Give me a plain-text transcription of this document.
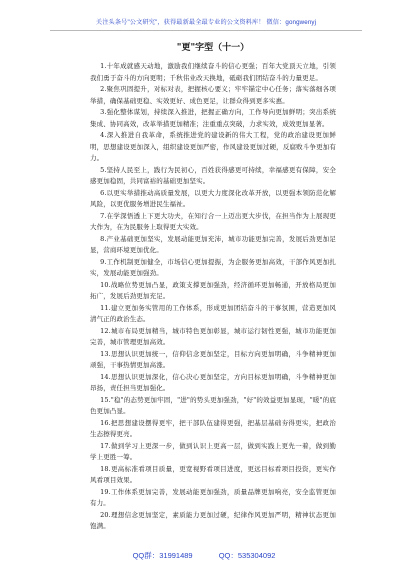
关注头条号"公文研究"，获得最新最全最专业的公文资料库！ 微信：gongwenyj
"更"字型（十一）

1.十年成就感天动地，激励我们继续奋斗的信心更强；百年大党顶天立地，引领我们勇于奋斗的方向更明；千秋伟业改天换地，砥砺我们团结奋斗的力量更足。

2.聚焦巩固提升，对标对表，把握核心要义；牢牢锚定中心任务；落实落细各项举措，确保基础更稳、实效更好、成色更足，让群众得到更多实惠。

3.强化整体谋划，持续深入推进，把握正确方向，工作导向更加鲜明；突出系统集成、协同高效，改革举措更加精准；注重重点突破，力求实效，成效更加显著。

4.深入推进自我革命，系统推进党的建设新的伟大工程，党的政治建设更加鲜明，思想建设更加深入，组织建设更加严密，作风建设更加过硬，反腐败斗争更加有力。

5.坚持人民至上，践行为民初心，百姓获得感更可持续，幸福感更有保障，安全感更加稳固，共同富裕的基础更加坚实。

6.以更实举措推动高质量发展，以更大力度深化改革开放，以更强本领防范化解风险，以更优服务增进民生福祉。

7.在学深悟透上下更大功夫，在知行合一上迈出更大步伐，在担当作为上展现更大作为，在为民服务上取得更大实效。

8.产业基础更加坚实，发展动能更加充沛，城市功能更加完善，发展后劲更加足显，营商环境更加优化。

9.工作机制更加健全，市场信心更加提振，为企服务更加高效，干部作风更加扎实，发展动能更加强劲。

10.战略位势更加凸显，政策支撑更加强劲，经济循环更加畅通，开放格局更加拓广，发展后劲更加充足。

11.建立更加务实管用的工作体系，形成更加团结奋斗的干事氛围，营造更加风清气正的政治生态。

12.城市布局更加精当，城市特色更加彰显，城市运行韧性更强，城市功能更加完善，城市管理更加高效。

13.思想认识更加统一，信仰信念更加坚定，目标方向更加明确，斗争精神更加顽强，干事热情更加高涨。

14.思想认识更加深化，信心决心更加坚定，方向目标更加明确，斗争精神更加昂扬，责任担当更加强化。

15."稳"的态势更加牢固，"进"的势头更加强劲，"好"的效益更加显现，"暖"的底色更加凸显。

16.把思想建设摆得更牢，把干部队伍建得更强，把基层基础夯得更实，把政治生态擦得更亮。

17.做到学习上更深一步，做到认识上更高一层，做到实践上更先一着，做到勤学上更胜一筹。

18.更高标准看项目质量，更宽视野看项目进度，更远目标看项目投资，更实作风看项目效果。

19.工作体系更加完善，发展动能更加强劲，质量品牌更加响亮，安全监管更加有力。

20.理想信念更加坚定，素质能力更加过硬，纪律作风更加严明，精神状态更加饱满。

QQ群：31991489	QQ：535304092
